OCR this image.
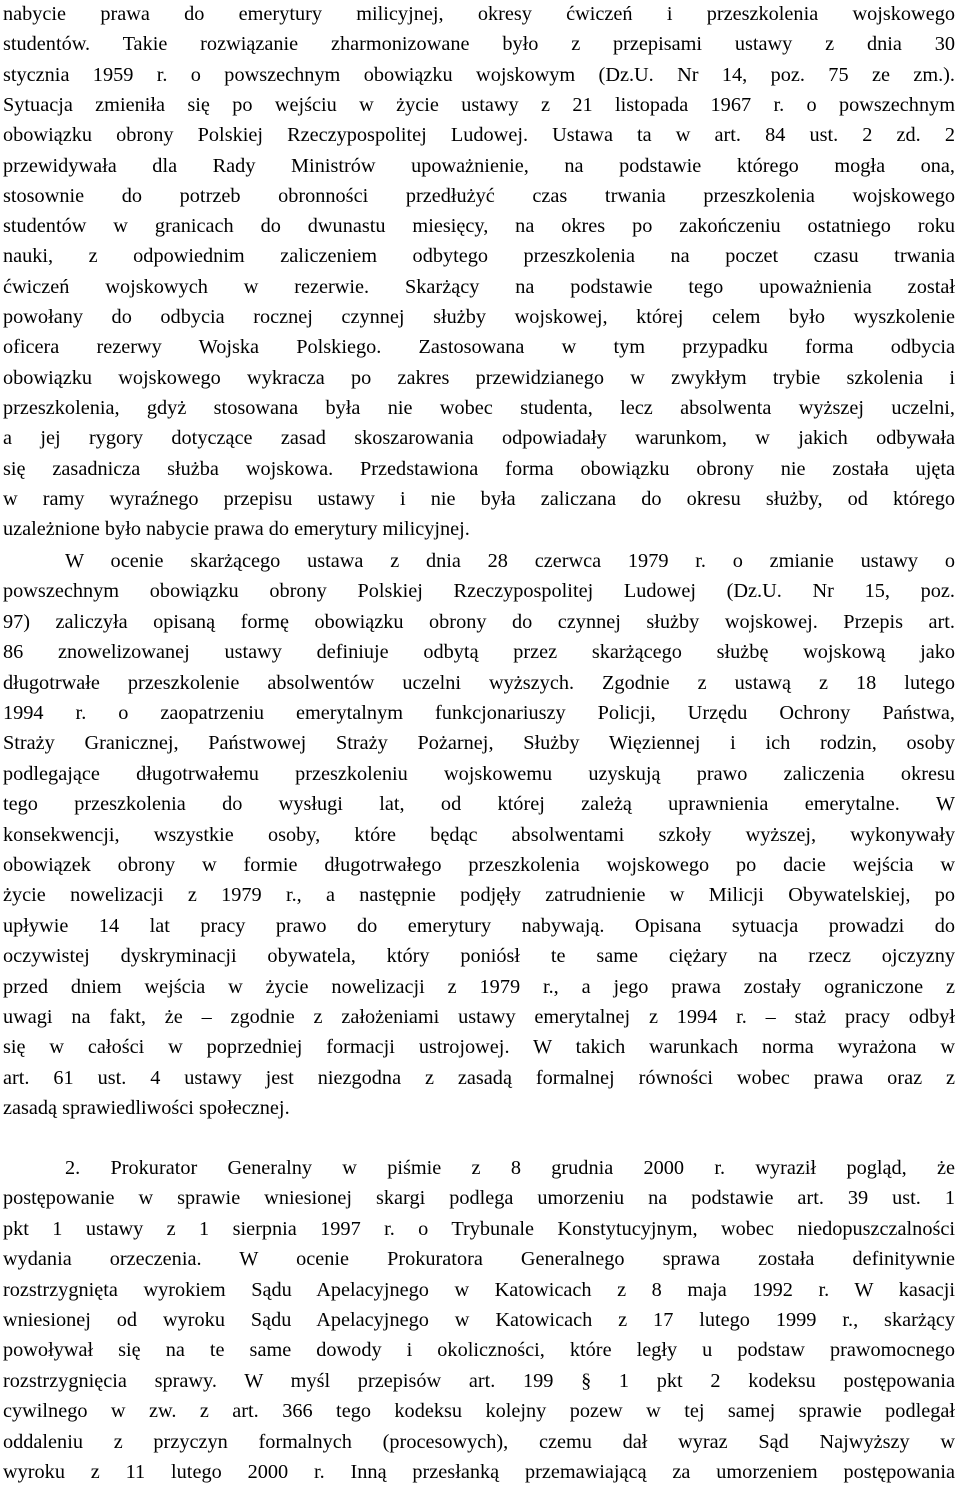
nabycie prawa do emerytury milicyjnej, okresy ćwiczeń i przeszkolenia wojskowego
studentów. Takie rozwiązanie zharmonizowane było z przepisami ustawy z dnia 30
stycznia 1959 r. o powszechnym obowiązku wojskowym (Dz.U. Nr 14, poz. 75 ze zm.).
Sytuacja zmieniła się po wejściu w życie ustawy z 21 listopada 1967 r. o powszechnym
obowiązku obrony Polskiej Rzeczypospolitej Ludowej. Ustawa ta w art. 84 ust. 2 zd. 2
przewidywała dla Rady Ministrów upoważnienie, na podstawie którego mogła ona,
stosownie do potrzeb obronności przedłużyć czas trwania przeszkolenia wojskowego
studentów w granicach do dwunastu miesięcy, na okres po zakończeniu ostatniego roku
nauki, z odpowiednim zaliczeniem odbytego przeszkolenia na poczet czasu trwania
ćwiczeń wojskowych w rezerwie. Skarżący na podstawie tego upoważnienia został
powołany do odbycia rocznej czynnej służby wojskowej, której celem było wyszkolenie
oficera rezerwy Wojska Polskiego. Zastosowana w tym przypadku forma odbycia
obowiązku wojskowego wykracza po zakres przewidzianego w zwykłym trybie szkolenia i
przeszkolenia, gdyż stosowana była nie wobec studenta, lecz absolwenta wyższej uczelni,
a jej rygory dotyczące zasad skoszarowania odpowiadały warunkom, w jakich odbywała
się zasadnicza służba wojskowa. Przedstawiona forma obowiązku obrony nie została ujęta
w ramy wyraźnego przepisu ustawy i nie była zaliczana do okresu służby, od którego
uzależnione było nabycie prawa do emerytury milicyjnej.
W ocenie skarżącego ustawa z dnia 28 czerwca 1979 r. o zmianie ustawy o
powszechnym obowiązku obrony Polskiej Rzeczypospolitej Ludowej (Dz.U. Nr 15, poz.
97) zaliczyła opisaną formę obowiązku obrony do czynnej służby wojskowej. Przepis art.
86 znowelizowanej ustawy definiuje odbytą przez skarżącego służbę wojskową jako
długotrwałe przeszkolenie absolwentów uczelni wyższych. Zgodnie z ustawą z 18 lutego
1994 r. o zaopatrzeniu emerytalnym funkcjonariuszy Policji, Urzędu Ochrony Państwa,
Straży Granicznej, Państwowej Straży Pożarnej, Służby Więziennej i ich rodzin, osoby
podlegające długotrwałemu przeszkoleniu wojskowemu uzyskują prawo zaliczenia okresu
tego przeszkolenia do wysługi lat, od której zależą uprawnienia emerytalne. W
konsekwencji, wszystkie osoby, które będąc absolwentami szkoły wyższej, wykonywały
obowiązek obrony w formie długotrwałego przeszkolenia wojskowego po dacie wejścia w
życie nowelizacji z 1979 r., a następnie podjęły zatrudnienie w Milicji Obywatelskiej, po
upływie 14 lat pracy prawo do emerytury nabywają. Opisana sytuacja prowadzi do
oczywistej dyskryminacji obywatela, który poniósł te same ciężary na rzecz ojczyzny
przed dniem wejścia w życie nowelizacji z 1979 r., a jego prawa zostały ograniczone z
uwagi na fakt, że – zgodnie z założeniami ustawy emerytalnej z 1994 r. – staż pracy odbył
się w całości w poprzedniej formacji ustrojowej. W takich warunkach norma wyrażona w
art. 61 ust. 4 ustawy jest niezgodna z zasadą formalnej równości wobec prawa oraz z
zasadą sprawiedliwości społecznej.
2. Prokurator Generalny w piśmie z 8 grudnia 2000 r. wyraził pogląd, że
postępowanie w sprawie wniesionej skargi podlega umorzeniu na podstawie art. 39 ust. 1
pkt 1 ustawy z 1 sierpnia 1997 r. o Trybunale Konstytucyjnym, wobec niedopuszczalności
wydania orzeczenia. W ocenie Prokuratora Generalnego sprawa została definitywnie
rozstrzygnięta wyrokiem Sądu Apelacyjnego w Katowicach z 8 maja 1992 r. W kasacji
wniesionej od wyroku Sądu Apelacyjnego w Katowicach z 17 lutego 1999 r., skarżący
powoływał się na te same dowody i okoliczności, które legły u podstaw prawomocnego
rozstrzygnięcia sprawy. W myśl przepisów art. 199 § 1 pkt 2 kodeksu postępowania
cywilnego w zw. z art. 366 tego kodeksu kolejny pozew w tej samej sprawie podlegał
oddaleniu z przyczyn formalnych (procesowych), czemu dał wyraz Sąd Najwyższy w
wyroku z 11 lutego 2000 r. Inną przesłanką przemawiającą za umorzeniem postępowania
